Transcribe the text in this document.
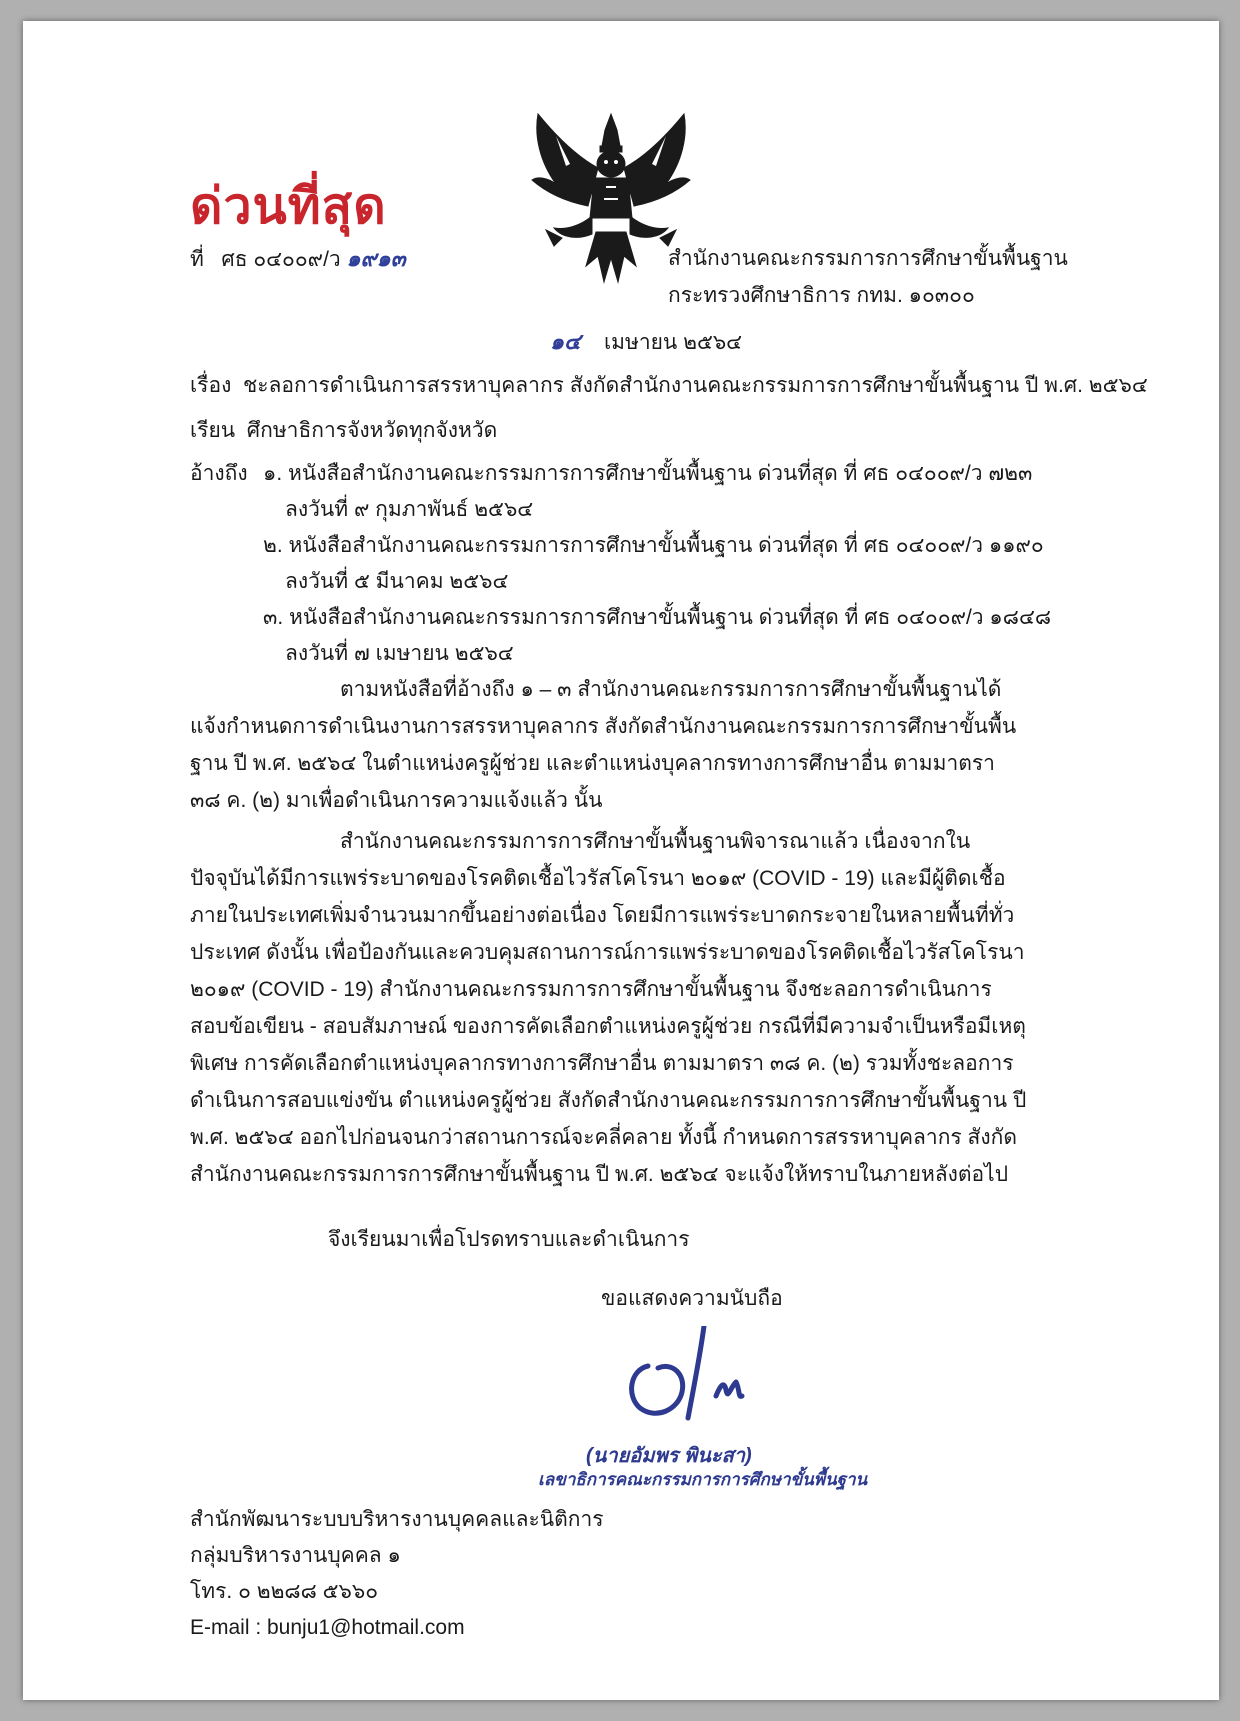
ด่วนที่สุด
ที่ ศธ ๐๔๐๐๙/ว ๑๙๑๓	สำนักงานคณะกรรมการการศึกษาขั้นพื้นฐาน
กระทรวงศึกษาธิการ กทม. ๑๐๓๐๐
๑๔ เมษายน ๒๕๖๔
เรื่อง ชะลอการดำเนินการสรรหาบุคลากร สังกัดสำนักงานคณะกรรมการการศึกษาขั้นพื้นฐาน ปี พ.ศ. ๒๕๖๔
เรียน ศึกษาธิการจังหวัดทุกจังหวัด
อ้างถึง ๑. หนังสือสำนักงานคณะกรรมการการศึกษาขั้นพื้นฐาน ด่วนที่สุด ที่ ศธ ๐๔๐๐๙/ว ๗๒๓
ลงวันที่ ๙ กุมภาพันธ์ ๒๕๖๔
๒. หนังสือสำนักงานคณะกรรมการการศึกษาขั้นพื้นฐาน ด่วนที่สุด ที่ ศธ ๐๔๐๐๙/ว ๑๑๙๐
ลงวันที่ ๕ มีนาคม ๒๕๖๔
๓. หนังสือสำนักงานคณะกรรมการการศึกษาขั้นพื้นฐาน ด่วนที่สุด ที่ ศธ ๐๔๐๐๙/ว ๑๘๔๘
ลงวันที่ ๗ เมษายน ๒๕๖๔
ตามหนังสือที่อ้างถึง ๑ – ๓ สำนักงานคณะกรรมการการศึกษาขั้นพื้นฐานได้แจ้งกำหนดการดำเนินงานการสรรหาบุคลากร สังกัดสำนักงานคณะกรรมการการศึกษาขั้นพื้นฐาน ปี พ.ศ. ๒๕๖๔ ในตำแหน่งครูผู้ช่วย และตำแหน่งบุคลากรทางการศึกษาอื่น ตามมาตรา ๓๘ ค. (๒) มาเพื่อดำเนินการความแจ้งแล้ว นั้น
สำนักงานคณะกรรมการการศึกษาขั้นพื้นฐานพิจารณาแล้ว เนื่องจากในปัจจุบันได้มีการแพร่ระบาดของโรคติดเชื้อไวรัสโคโรนา ๒๐๑๙ (COVID - 19) และมีผู้ติดเชื้อภายในประเทศเพิ่มจำนวนมากขึ้นอย่างต่อเนื่อง โดยมีการแพร่ระบาดกระจายในหลายพื้นที่ทั่วประเทศ ดังนั้น เพื่อป้องกันและควบคุมสถานการณ์การแพร่ระบาดของโรคติดเชื้อไวรัสโคโรนา ๒๐๑๙ (COVID - 19) สำนักงานคณะกรรมการการศึกษาขั้นพื้นฐาน จึงชะลอการดำเนินการสอบข้อเขียน - สอบสัมภาษณ์ ของการคัดเลือกตำแหน่งครูผู้ช่วย กรณีที่มีความจำเป็นหรือมีเหตุพิเศษ การคัดเลือกตำแหน่งบุคลากรทางการศึกษาอื่น ตามมาตรา ๓๘ ค. (๒) รวมทั้งชะลอการดำเนินการสอบแข่งขัน ตำแหน่งครูผู้ช่วย สังกัดสำนักงานคณะกรรมการการศึกษาขั้นพื้นฐาน ปี พ.ศ. ๒๕๖๔ ออกไปก่อนจนกว่าสถานการณ์จะคลี่คลาย ทั้งนี้ กำหนดการสรรหาบุคลากร สังกัดสำนักงานคณะกรรมการการศึกษาขั้นพื้นฐาน ปี พ.ศ. ๒๕๖๔ จะแจ้งให้ทราบในภายหลังต่อไป
จึงเรียนมาเพื่อโปรดทราบและดำเนินการ
ขอแสดงความนับถือ
(นายอัมพร พินะสา)
เลขาธิการคณะกรรมการการศึกษาขั้นพื้นฐาน
สำนักพัฒนาระบบบริหารงานบุคคลและนิติการ
กลุ่มบริหารงานบุคคล ๑
โทร. ๐ ๒๒๘๘ ๕๖๖๐
E-mail : bunju1@hotmail.com
